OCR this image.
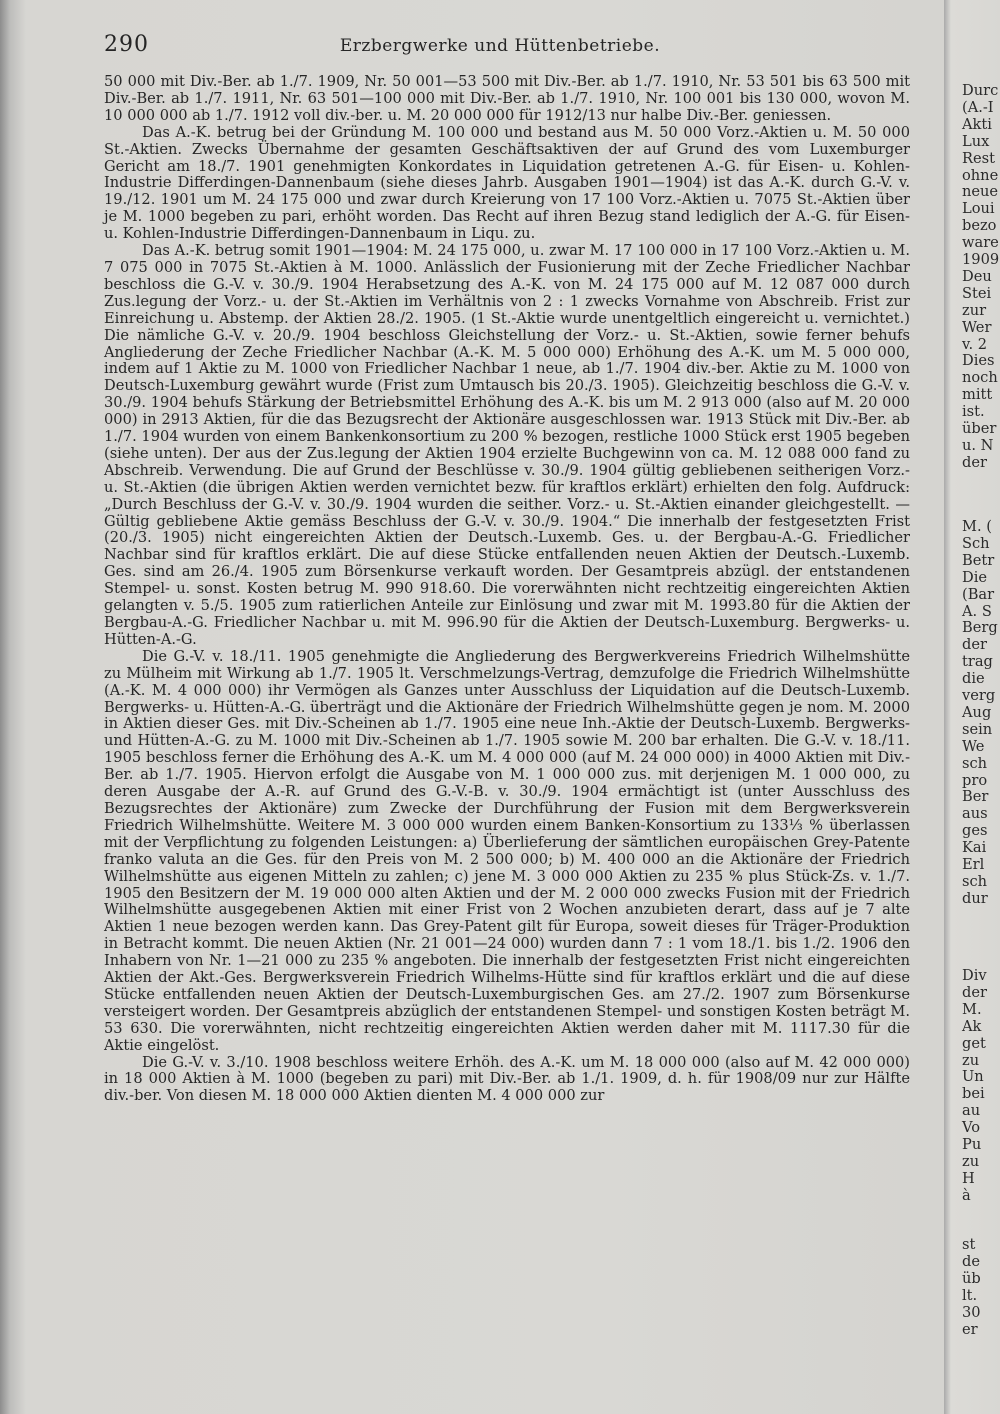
290	Erzbergwerke und Hüttenbetriebe.

50 000 mit Div.-Ber. ab 1./7. 1909, Nr. 50 001—53 500 mit Div.-Ber. ab 1./7. 1910, Nr. 53 501 bis 63 500 mit Div.-Ber. ab 1./7. 1911, Nr. 63 501—100 000 mit Div.-Ber. ab 1./7. 1910, Nr. 100 001 bis 130 000, wovon M. 10 000 000 ab 1./7. 1912 voll div.-ber. u. M. 20 000 000 für 1912/13 nur halbe Div.-Ber. geniessen.

Das A.-K. betrug bei der Gründung M. 100 000 und bestand aus M. 50 000 Vorz.-Aktien u. M. 50 000 St.-Aktien. Zwecks Übernahme der gesamten Geschäftsaktiven der auf Grund des vom Luxemburger Gericht am 18./7. 1901 genehmigten Konkordates in Liquidation getretenen A.-G. für Eisen- u. Kohlen-Industrie Differdingen-Dannenbaum (siehe dieses Jahrb. Ausgaben 1901—1904) ist das A.-K. durch G.-V. v. 19./12. 1901 um M. 24 175 000 und zwar durch Kreierung von 17 100 Vorz.-Aktien u. 7075 St.-Aktien über je M. 1000 begeben zu pari, erhöht worden. Das Recht auf ihren Bezug stand lediglich der A.-G. für Eisen- u. Kohlen-Industrie Differdingen-Dannenbaum in Liqu. zu.

Das A.-K. betrug somit 1901—1904: M. 24 175 000, u. zwar M. 17 100 000 in 17 100 Vorz.-Aktien u. M. 7 075 000 in 7075 St.-Aktien à M. 1000. Anlässlich der Fusionierung mit der Zeche Friedlicher Nachbar beschloss die G.-V. v. 30./9. 1904 Herabsetzung des A.-K. von M. 24 175 000 auf M. 12 087 000 durch Zus.legung der Vorz.- u. der St.-Aktien im Verhältnis von 2 : 1 zwecks Vornahme von Abschreib. Frist zur Einreichung u. Abstemp. der Aktien 28./2. 1905. (1 St.-Aktie wurde unentgeltlich eingereicht u. vernichtet.) Die nämliche G.-V. v. 20./9. 1904 beschloss Gleichstellung der Vorz.- u. St.-Aktien, sowie ferner behufs Angliederung der Zeche Friedlicher Nachbar (A.-K. M. 5 000 000) Erhöhung des A.-K. um M. 5 000 000, indem auf 1 Aktie zu M. 1000 von Friedlicher Nachbar 1 neue, ab 1./7. 1904 div.-ber. Aktie zu M. 1000 von Deutsch-Luxemburg gewährt wurde (Frist zum Umtausch bis 20./3. 1905). Gleichzeitig beschloss die G.-V. v. 30./9. 1904 behufs Stärkung der Betriebsmittel Erhöhung des A.-K. bis um M. 2 913 000 (also auf M. 20 000 000) in 2913 Aktien, für die das Bezugsrecht der Aktionäre ausgeschlossen war. 1913 Stück mit Div.-Ber. ab 1./7. 1904 wurden von einem Bankenkonsortium zu 200 % bezogen, restliche 1000 Stück erst 1905 begeben (siehe unten). Der aus der Zus.legung der Aktien 1904 erzielte Buchgewinn von ca. M. 12 088 000 fand zu Abschreib. Verwendung. Die auf Grund der Beschlüsse v. 30./9. 1904 gültig gebliebenen seitherigen Vorz.- u. St.-Aktien (die übrigen Aktien werden vernichtet bezw. für kraftlos erklärt) erhielten den folg. Aufdruck: „Durch Beschluss der G.-V. v. 30./9. 1904 wurden die seither. Vorz.- u. St.-Aktien einander gleichgestellt. — Gültig gebliebene Aktie gemäss Beschluss der G.-V. v. 30./9. 1904.“ Die innerhalb der festgesetzten Frist (20./3. 1905) nicht eingereichten Aktien der Deutsch.-Luxemb. Ges. u. der Bergbau-A.-G. Friedlicher Nachbar sind für kraftlos erklärt. Die auf diese Stücke entfallenden neuen Aktien der Deutsch.-Luxemb. Ges. sind am 26./4. 1905 zum Börsenkurse verkauft worden. Der Gesamtpreis abzügl. der entstandenen Stempel- u. sonst. Kosten betrug M. 990 918.60. Die vorerwähnten nicht rechtzeitig eingereichten Aktien gelangten v. 5./5. 1905 zum ratierlichen Anteile zur Einlösung und zwar mit M. 1993.80 für die Aktien der Bergbau-A.-G. Friedlicher Nachbar u. mit M. 996.90 für die Aktien der Deutsch-Luxemburg. Bergwerks- u. Hütten-A.-G.

Die G.-V. v. 18./11. 1905 genehmigte die Angliederung des Bergwerkvereins Friedrich Wilhelmshütte zu Mülheim mit Wirkung ab 1./7. 1905 lt. Verschmelzungs-Vertrag, demzufolge die Friedrich Wilhelmshütte (A.-K. M. 4 000 000) ihr Vermögen als Ganzes unter Ausschluss der Liquidation auf die Deutsch-Luxemb. Bergwerks- u. Hütten-A.-G. überträgt und die Aktionäre der Friedrich Wilhelmshütte gegen je nom. M. 2000 in Aktien dieser Ges. mit Div.-Scheinen ab 1./7. 1905 eine neue Inh.-Aktie der Deutsch-Luxemb. Bergwerks- und Hütten-A.-G. zu M. 1000 mit Div.-Scheinen ab 1./7. 1905 sowie M. 200 bar erhalten. Die G.-V. v. 18./11. 1905 beschloss ferner die Erhöhung des A.-K. um M. 4 000 000 (auf M. 24 000 000) in 4000 Aktien mit Div.-Ber. ab 1./7. 1905. Hiervon erfolgt die Ausgabe von M. 1 000 000 zus. mit derjenigen M. 1 000 000, zu deren Ausgabe der A.-R. auf Grund des G.-V.-B. v. 30./9. 1904 ermächtigt ist (unter Ausschluss des Bezugsrechtes der Aktionäre) zum Zwecke der Durchführung der Fusion mit dem Bergwerksverein Friedrich Wilhelmshütte. Weitere M. 3 000 000 wurden einem Banken-Konsortium zu 133⅓ % überlassen mit der Verpflichtung zu folgenden Leistungen: a) Überlieferung der sämtlichen europäischen Grey-Patente franko valuta an die Ges. für den Preis von M. 2 500 000; b) M. 400 000 an die Aktionäre der Friedrich Wilhelmshütte aus eigenen Mitteln zu zahlen; c) jene M. 3 000 000 Aktien zu 235 % plus Stück-Zs. v. 1./7. 1905 den Besitzern der M. 19 000 000 alten Aktien und der M. 2 000 000 zwecks Fusion mit der Friedrich Wilhelmshütte ausgegebenen Aktien mit einer Frist von 2 Wochen anzubieten derart, dass auf je 7 alte Aktien 1 neue bezogen werden kann. Das Grey-Patent gilt für Europa, soweit dieses für Träger-Produktion in Betracht kommt. Die neuen Aktien (Nr. 21 001—24 000) wurden dann 7 : 1 vom 18./1. bis 1./2. 1906 den Inhabern von Nr. 1—21 000 zu 235 % angeboten. Die innerhalb der festgesetzten Frist nicht eingereichten Aktien der Akt.-Ges. Bergwerksverein Friedrich Wilhelms-Hütte sind für kraftlos erklärt und die auf diese Stücke entfallenden neuen Aktien der Deutsch-Luxemburgischen Ges. am 27./2. 1907 zum Börsenkurse versteigert worden. Der Gesamtpreis abzüglich der entstandenen Stempel- und sonstigen Kosten beträgt M. 53 630. Die vorerwähnten, nicht rechtzeitig eingereichten Aktien werden daher mit M. 1117.30 für die Aktie eingelöst.

Die G.-V. v. 3./10. 1908 beschloss weitere Erhöh. des A.-K. um M. 18 000 000 (also auf M. 42 000 000) in 18 000 Aktien à M. 1000 (begeben zu pari) mit Div.-Ber. ab 1./1. 1909, d. h. für 1908/09 nur zur Hälfte div.-ber. Von diesen M. 18 000 000 Aktien dienten M. 4 000 000 zur

Durc
(A.-I
Akti
Lux
Rest
ohne
neue
Loui
bezo
ware
1909
Deu
Stei
zur
Wer
v. 2
Dies
noch
mitt
ist.
über
u. N
der
M. (
Sch
Betr
Die
(Bar
A. S
Berg
der
trag
die
verg
Aug
sein
We
sch
pro
Ber
aus
ges
Kai
Erl
sch
dur
Div
der
M.
Ak
get
zu
Un
bei
au
Vo
Pu
zu
H
à
st
de
üb
lt.
30
er
